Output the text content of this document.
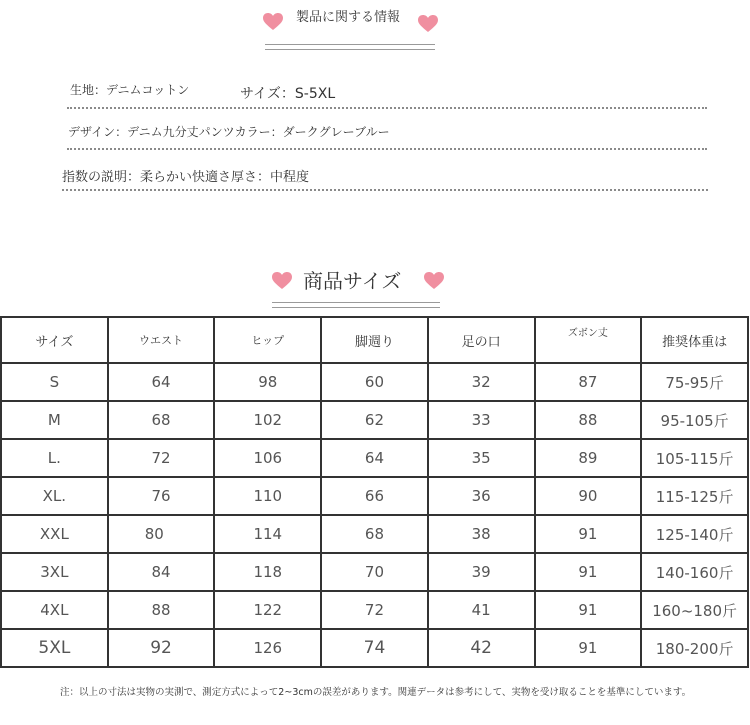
製品に関する情報
生地：デニムコットン	サイズ：S-5XL
デザイン：デニム九分丈パンツカラー：ダークグレーブルー
指数の説明：柔らかい快適さ厚さ：中程度
商品サイズ
サイズ	ウエスト	ヒップ	脚週り	足の口	ズボン丈	推奨体重は
S	64	98	60	32	87	75-95斤
M	68	102	62	33	88	95-105斤
L.	72	106	64	35	89	105-115斤
XL.	76	110	66	36	90	115-125斤
XXL	80	114	68	38	91	125-140斤
3XL	84	118	70	39	91	140-160斤
4XL	88	122	72	41	91	160~180斤
5XL	92	126	74	42	91	180-200斤
注：以上の寸法は実物の実測で、測定方式によって2~3cmの誤差があります。関連データは参考にして、実物を受け取ることを基準にしています。
